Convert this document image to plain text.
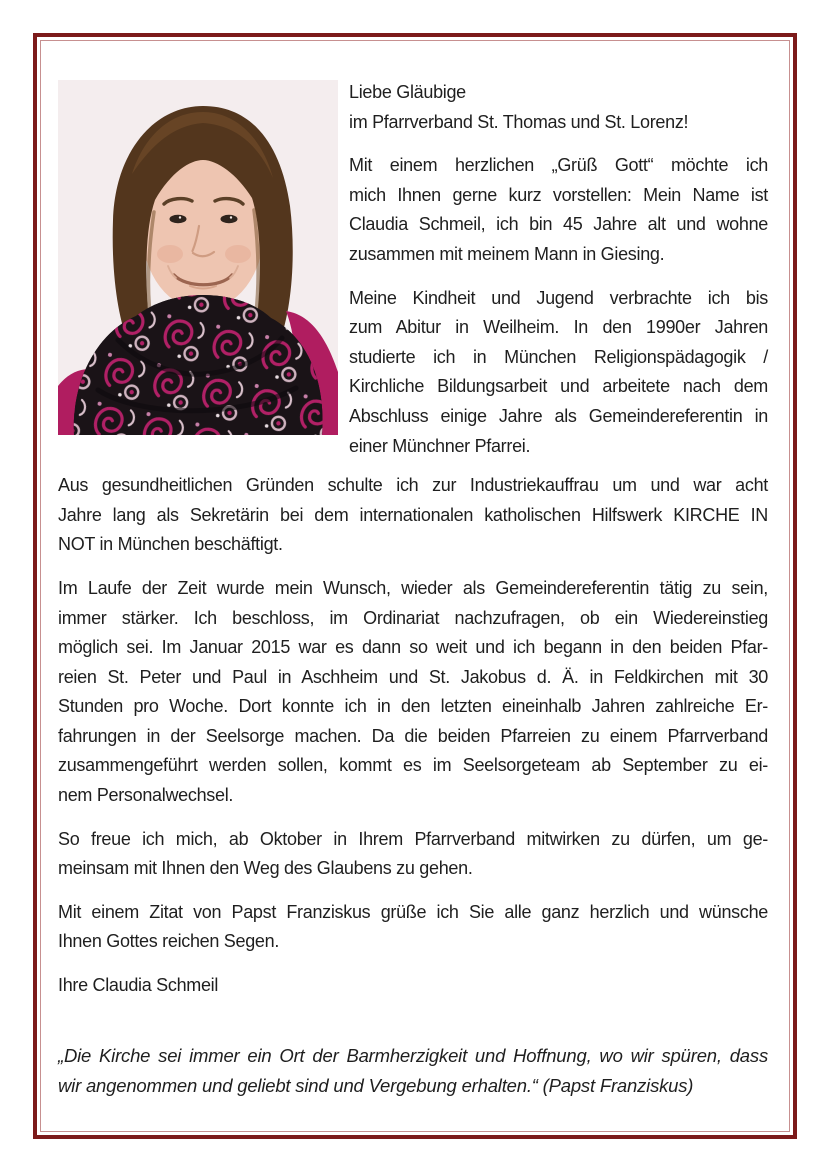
Liebe Gläubige
im Pfarrverband St. Thomas und St. Lorenz!
Mit einem herzlichen „Grüß Gott“ möchte ich
mich Ihnen gerne kurz vorstellen: Mein Name ist
Claudia Schmeil, ich bin 45 Jahre alt und wohne
zusammen mit meinem Mann in Giesing.
Meine Kindheit und Jugend verbrachte ich bis
zum Abitur in Weilheim. In den 1990er Jahren
studierte ich in München Religionspädagogik /
Kirchliche Bildungsarbeit und arbeitete nach dem
Abschluss einige Jahre als Gemeindereferentin in
einer Münchner Pfarrei.
Aus gesundheitlichen Gründen schulte ich zur Industriekauffrau um und war acht
Jahre lang als Sekretärin bei dem internationalen katholischen Hilfswerk KIRCHE IN
NOT in München beschäftigt.
Im Laufe der Zeit wurde mein Wunsch, wieder als Gemeindereferentin tätig zu sein,
immer stärker. Ich beschloss, im Ordinariat nachzufragen, ob ein Wiedereinstieg
möglich sei. Im Januar 2015 war es dann so weit und ich begann in den beiden Pfar-
reien St. Peter und Paul in Aschheim und St. Jakobus d. Ä. in Feldkirchen mit 30
Stunden pro Woche. Dort konnte ich in den letzten eineinhalb Jahren zahlreiche Er-
fahrungen in der Seelsorge machen. Da die beiden Pfarreien zu einem Pfarrverband
zusammengeführt werden sollen, kommt es im Seelsorgeteam ab September zu ei-
nem Personalwechsel.
So freue ich mich, ab Oktober in Ihrem Pfarrverband mitwirken zu dürfen, um ge-
meinsam mit Ihnen den Weg des Glaubens zu gehen.
Mit einem Zitat von Papst Franziskus grüße ich Sie alle ganz herzlich und wünsche
Ihnen Gottes reichen Segen.
Ihre Claudia Schmeil
„Die Kirche sei immer ein Ort der Barmherzigkeit und Hoffnung, wo wir spüren, dass
wir angenommen und geliebt sind und Vergebung erhalten.“ (Papst Franziskus)
